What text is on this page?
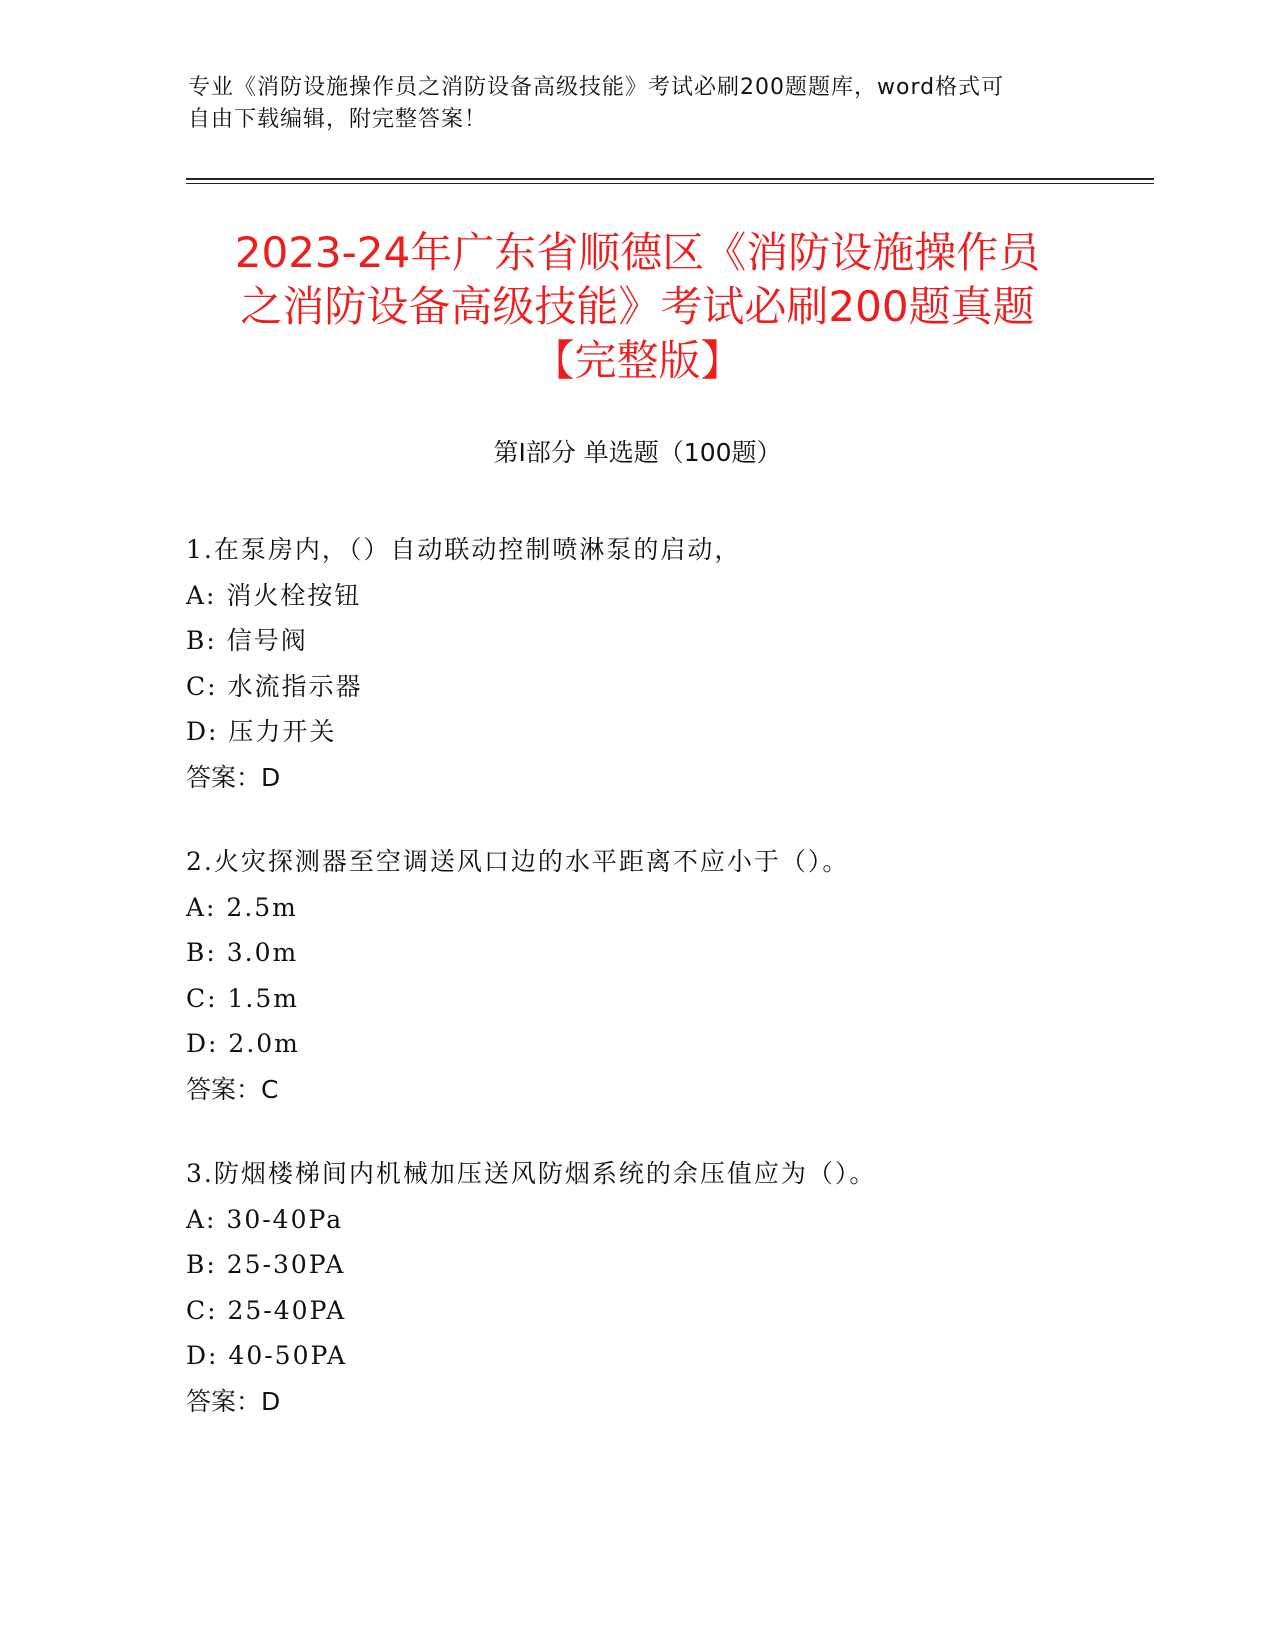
专业《消防设施操作员之消防设备高级技能》考试必刷200题题库，word格式可

自由下载编辑，附完整答案！

2023-24年广东省顺德区《消防设施操作员

之消防设备高级技能》考试必刷200题真题

【完整版】

第Ⅰ部分 单选题（100题）

1.在泵房内，（）自动联动控制喷淋泵的启动，

A: 消火栓按钮

B: 信号阀

C: 水流指示器

D: 压力开关

答案：D

2.火灾探测器至空调送风口边的水平距离不应小于（）。

A: 2.5m

B: 3.0m

C: 1.5m

D: 2.0m

答案：C

3.防烟楼梯间内机械加压送风防烟系统的余压值应为（）。

A: 30-40Pa

B: 25-30PA

C: 25-40PA

D: 40-50PA

答案：D
